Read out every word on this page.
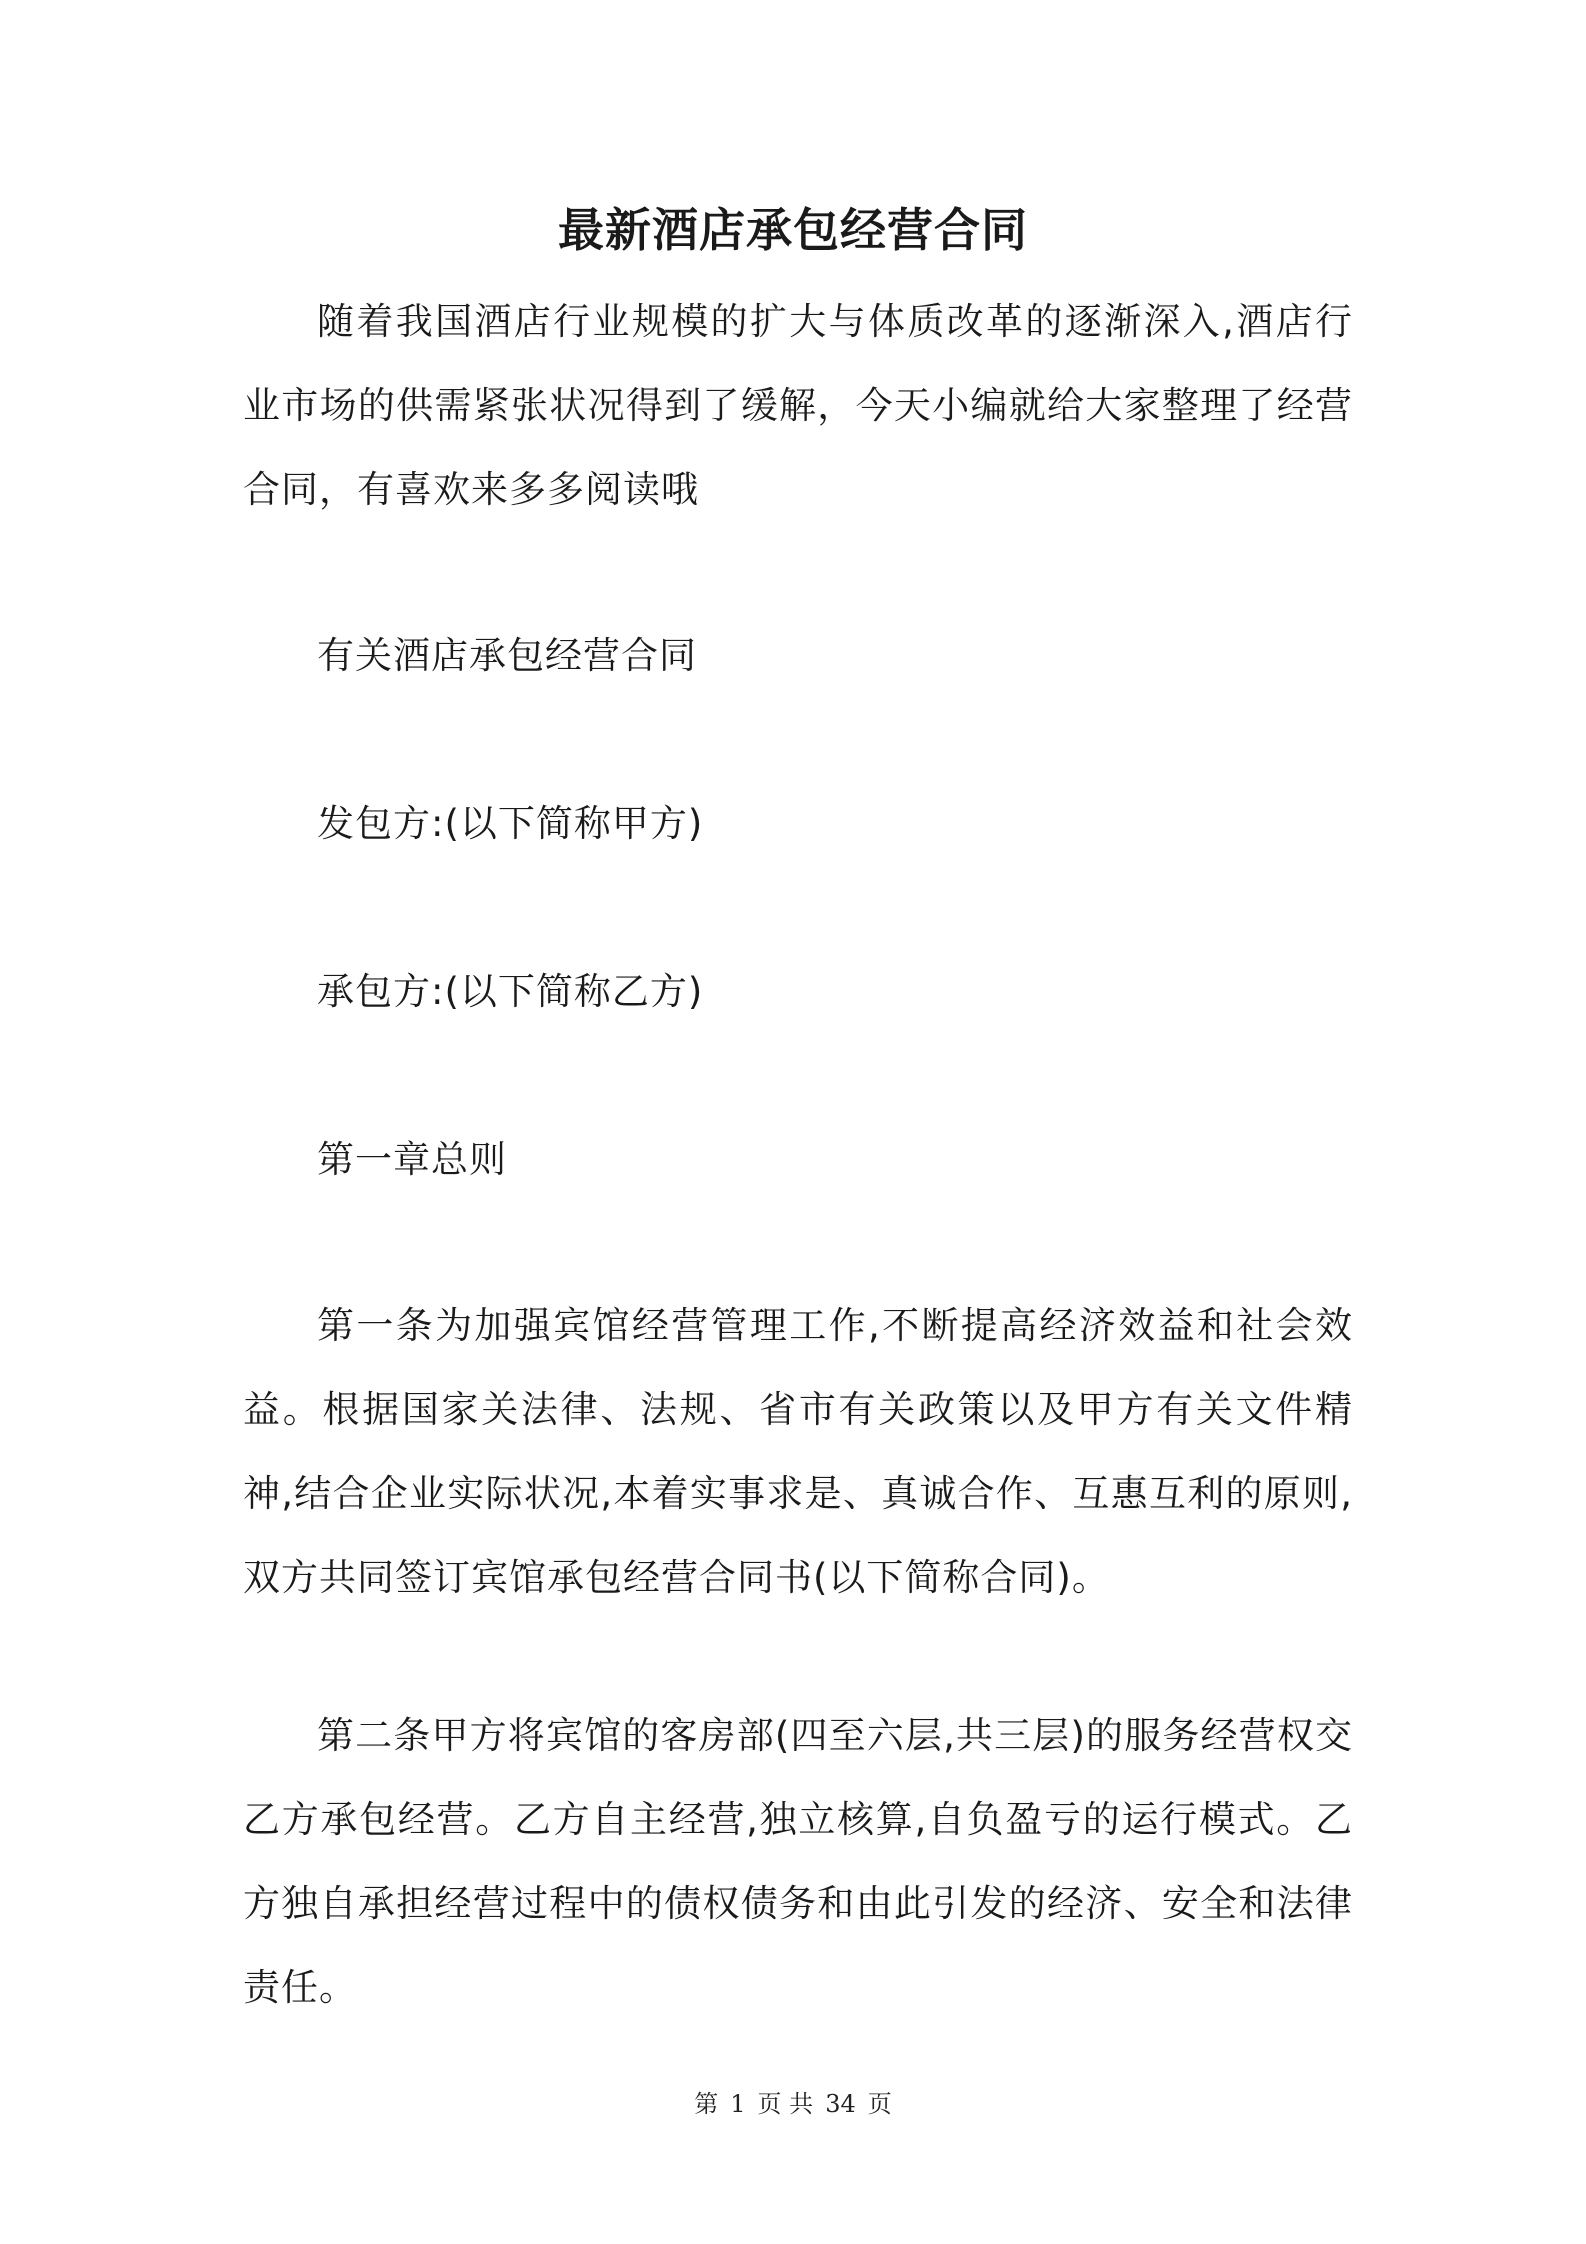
最新酒店承包经营合同

随着我国酒店行业规模的扩大与体质改革的逐渐深入,酒店行业市场的供需紧张状况得到了缓解，今天小编就给大家整理了经营合同，有喜欢来多多阅读哦

有关酒店承包经营合同

发包方:(以下简称甲方)

承包方:(以下简称乙方)

第一章总则

第一条为加强宾馆经营管理工作,不断提高经济效益和社会效益。根据国家关法律、法规、省市有关政策以及甲方有关文件精神,结合企业实际状况,本着实事求是、真诚合作、互惠互利的原则,双方共同签订宾馆承包经营合同书(以下简称合同)。

第二条甲方将宾馆的客房部(四至六层,共三层)的服务经营权交乙方承包经营。乙方自主经营,独立核算,自负盈亏的运行模式。乙方独自承担经营过程中的债权债务和由此引发的经济、安全和法律责任。

第 1 页 共 34 页
